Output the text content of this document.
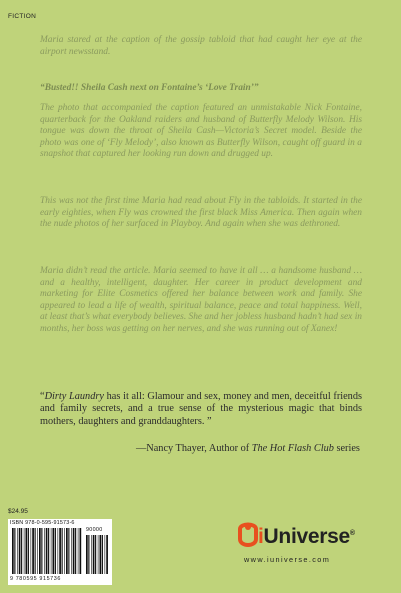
FICTION

Maria stared at the caption of the gossip tabloid that had caught her eye at the airport newsstand.

“Busted!! Sheila Cash next on Fontaine’s ‘Love Train’”

The photo that accompanied the caption featured an unmistakable Nick Fontaine, quarterback for the Oakland raiders and husband of Butterfly Melody Wilson. His tongue was down the throat of Sheila Cash—Victoria’s Secret model. Beside the photo was one of ‘Fly Melody’, also known as Butterfly Wilson, caught off guard in a snapshot that captured her looking run down and drugged up.

This was not the first time Maria had read about Fly in the tabloids. It started in the early eighties, when Fly was crowned the first black Miss America. Then again when the nude photos of her surfaced in Playboy. And again when she was dethroned.

Maria didn’t read the article. Maria seemed to have it all … a handsome husband … and a healthy, intelligent, daughter. Her career in product development and marketing for Elite Cosmetics offered her balance between work and family. She appeared to lead a life of wealth, spiritual balance, peace and total happiness. Well, at least that’s what everybody believes. She and her jobless husband hadn’t had sex in months, her boss was getting on her nerves, and she was running out of Xanex!

“Dirty Laundry has it all: Glamour and sex, money and men, deceitful friends and family secrets, and a true sense of the mysterious magic that binds mothers, daughters and granddaughters. ”

—Nancy Thayer, Author of The Hot Flash Club series

$24.95
ISBN 978-0-595-91573-6
90000
9 780595 915736
iUniverse®
www.iuniverse.com
